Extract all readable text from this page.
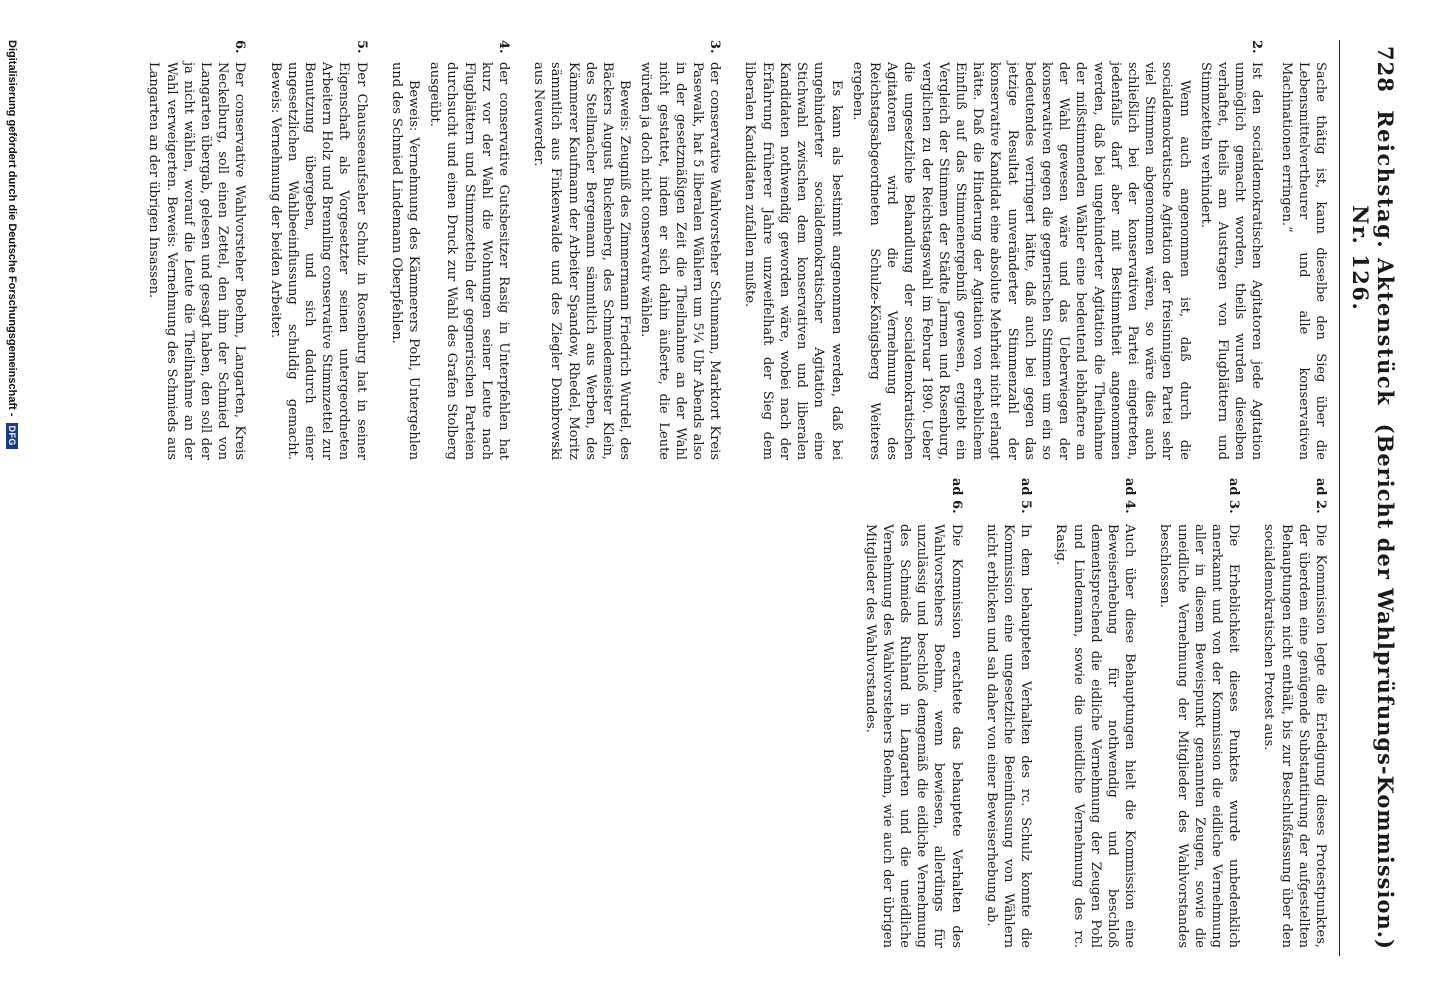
728
Reichstag. Aktenstück Nr. 126.
(Bericht der Wahlprüfungs-Kommission.)
Sache thätig ist, kann dieselbe den Sieg über die Lebensmittelvertheurer und alle konservativen Machinationen erringen.“
2.

Ist den socialdemokratischen Agitatoren jede Agitation unmöglich gemacht worden, theils wurden dieselben verhaftet, theils am Austragen von Flugblättern und Stimmzetteln verhindert.

Wenn auch angenommen ist, daß durch die socialdemokratische Agitation der freisinnigen Partei sehr viel Stimmen abgenommen wären, so wäre dies auch schließlich bei der konservativen Partei eingetreten, jedenfalls darf aber mit Bestimmtheit angenommen werden, daß bei ungehinderter Agitation die Theilnahme der mißstimmenden Wähler eine bedeutend lebhaftere an der Wahl gewesen wäre und das Ueberwiegen der konservativen gegen die gegnerischen Stimmen um ein so bedeutendes verringert hätte, daß auch bei gegen das jetzige Resultat unveränderter Stimmenzahl der konservative Kandidat eine absolute Mehrheit nicht erlangt hätte. Daß die Hinderung der Agitation von erheblichem Einfluß auf das Stimmenergebniß gewesen, ergiebt ein Vergleich der Stimmen der Städte Jarmen und Rosenburg, verglichen zu der Reichstagswahl im Februar 1890. Ueber die ungesetzliche Behandlung der socialdemokratischen Agitatoren wird die Vernehmung des Reichstagsabgeordneten Schulze-Königsberg Weiteres ergeben.

Es kann als bestimmt angenommen werden, daß bei ungehinderter socialdemokratischer Agitation eine Stichwahl zwischen dem konservativen und liberalen Kandidaten nothwendig geworden wäre, wobei nach der Erfahrung früherer Jahre unzweifelhaft der Sieg dem liberalen Kandidaten zufallen mußte.

3.

der conservative Wahlvorsteher Schumann, Marktort Kreis Pasewalk, hat 5 liberalen Wählern um 5¼ Uhr Abends also in der gesetzmäßigen Zeit die Theilnahme an der Wahl nicht gestattet, indem er sich dahin äußerte, die Leute würden ja doch nicht conservativ wählen.

Beweis: Zeugniß des Zimmermann Friedrich Wurdel, des Bäckers August Buckenberg, des Schmiedemeister Klein, des Stellmacher Bergemann sämmtlich aus Werben, des Kämmerer Kaufmann der Arbeiter Spandow, Rhedel, Moritz sämmtlich aus Finkenwalde und des Ziegler Dombrowski aus Neuwerder.

4.

der conservative Gutsbesitzer Rasig in Unterpfehlen hat kurz vor der Wahl die Wohnungen seiner Leute nach Flugblättern und Stimmzetteln der gegnerischen Parteien durchsucht und einen Druck zur Wahl des Grafen Stolberg ausgeübt.

Beweis: Vernehmung des Kämmerers Pohl, Untergehlen und des Schmied Lindemann Oberpfehlen.

5.

Der Chausseeaufseher Schulz in Rosenburg hat in seiner Eigenschaft als Vorgesetzter seinen untergeordneten Arbeitern Holz und Brennling conservative Stimmzettel zur Benutzung übergeben, und sich dadurch einer ungesetzlichen Wahlbeeinflussung schuldig gemacht. Beweis: Vernehmung der beiden Arbeiter.

6.

Der conservative Wahlvorsteher Boehm, Langarten, Kreis Neckelburg, soll einen Zettel, den ihm der Schmied von Langarten übergab, gelesen und gesagt haben, den soll der ja nicht wählen, worauf die Leute die Theilnahme an der Wahl verweigerten. Beweis: Vernehmung des Schmieds aus Langarten an der übrigen Insassen.

ad 2.

Die Kommission legte die Erledigung dieses Protestpunktes, der überdem eine genügende Substantiirung der aufgestellten Behauptungen nicht enthält, bis zur Beschlußfassung über den socialdemokratischen Protest aus.

ad 3.

Die Erheblichkeit dieses Punktes wurde unbedenklich anerkannt und von der Kommission die eidliche Vernehmung aller in diesem Beweispunkt genannten Zeugen, sowie die uneidliche Vernehmung der Mitglieder des Wahlvorstandes beschlossen.

ad 4.

Auch über diese Behauptungen hielt die Kommission eine Beweiserhebung für nothwendig und beschloß dementsprechend die eidliche Vernehmung der Zeugen Pohl und Lindemann, sowie die uneidliche Vernehmung des rc. Rasig.

ad 5.

In dem behaupteten Verhalten des rc. Schulz konnte die Kommission eine ungesetzliche Beeinflussung von Wählern nicht erblicken und sah daher von einer Beweiserhebung ab.

ad 6.

Die Kommission erachtete das behauptete Verhalten des Wahlvorstehers Boehm, wenn bewiesen, allerdings für unzulässig und beschloß demgemäß die eidliche Vernehmung des Schmieds Ruhland in Langarten und die uneidliche Vernehmung des Wahlvorstehers Boehm, wie auch der übrigen Mitglieder des Wahlvorstandes.

Digitalisierung gefördert durch die Deutsche Forschungsgemeinschaft -
DFG
